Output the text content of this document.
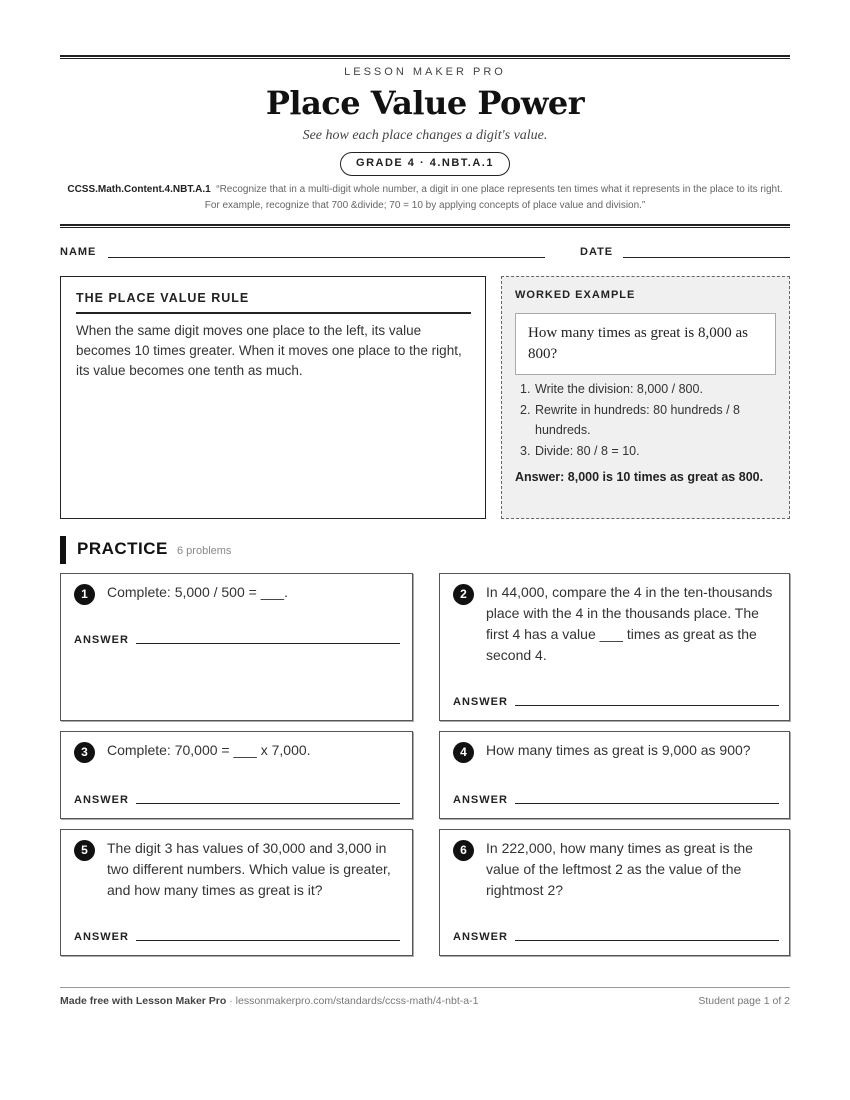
LESSON MAKER PRO
Place Value Power
See how each place changes a digit's value.
GRADE 4 · 4.NBT.A.1
CCSS.Math.Content.4.NBT.A.1 “Recognize that in a multi-digit whole number, a digit in one place represents ten times what it represents in the place to its right. For example, recognize that 700 &divide; 70 = 10 by applying concepts of place value and division.”
NAME	DATE
THE PLACE VALUE RULE
When the same digit moves one place to the left, its value becomes 10 times greater. When it moves one place to the right, its value becomes one tenth as much.
WORKED EXAMPLE
How many times as great is 8,000 as 800?
1. Write the division: 8,000 / 800.
2. Rewrite in hundreds: 80 hundreds / 8 hundreds.
3. Divide: 80 / 8 = 10.
Answer: 8,000 is 10 times as great as 800.
PRACTICE 6 problems
1	Complete: 5,000 / 500 = ___.
ANSWER
2	In 44,000, compare the 4 in the ten-thousands place with the 4 in the thousands place. The first 4 has a value ___ times as great as the second 4.
ANSWER
3	Complete: 70,000 = ___ x 7,000.
ANSWER
4	How many times as great is 9,000 as 900?
ANSWER
5	The digit 3 has values of 30,000 and 3,000 in two different numbers. Which value is greater, and how many times as great is it?
ANSWER
6	In 222,000, how many times as great is the value of the leftmost 2 as the value of the rightmost 2?
ANSWER
Made free with Lesson Maker Pro · lessonmakerpro.com/standards/ccss-math/4-nbt-a-1	Student page 1 of 2
